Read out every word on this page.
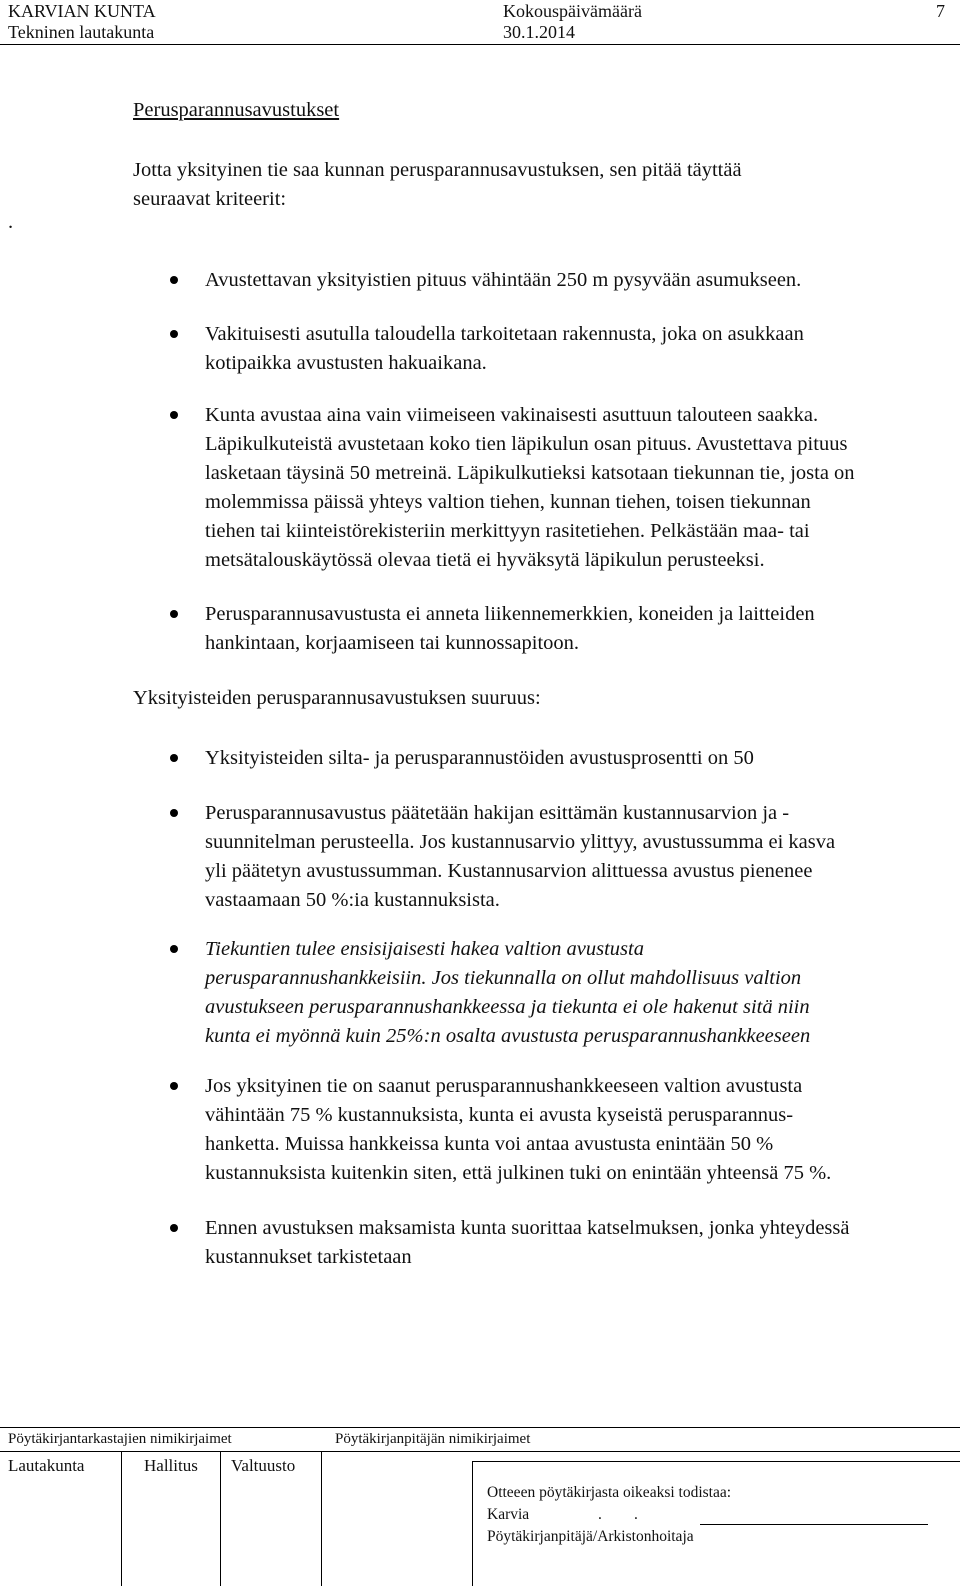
KARVIAN KUNTA
Tekninen lautakunta
Kokouspäivämäärä
30.1.2014
7
Perusparannusavustukset
Jotta yksityinen tie saa kunnan perusparannusavustuksen, sen pitää täyttää
seuraavat kriteerit:
.
Avustettavan yksityistien pituus vähintään 250 m pysyvään asumukseen.
Vakituisesti asutulla taloudella tarkoitetaan rakennusta, joka on asukkaan
kotipaikka avustusten hakuaikana.
Kunta avustaa aina vain viimeiseen vakinaisesti asuttuun talouteen saakka.
Läpikulkuteistä avustetaan koko tien läpikulun osan pituus. Avustettava pituus
lasketaan täysinä 50 metreinä. Läpikulkutieksi katsotaan tiekunnan tie, josta on
molemmissa päissä yhteys valtion tiehen, kunnan tiehen, toisen tiekunnan
tiehen tai kiinteistörekisteriin merkittyyn rasitetiehen. Pelkästään maa- tai
metsätalouskäytössä olevaa tietä ei hyväksytä läpikulun perusteeksi.
Perusparannusavustusta ei anneta liikennemerkkien, koneiden ja laitteiden
hankintaan, korjaamiseen tai kunnossapitoon.
Yksityisteiden perusparannusavustuksen suuruus:
Yksityisteiden silta- ja perusparannustöiden avustusprosentti on 50
Perusparannusavustus päätetään hakijan esittämän kustannusarvion ja -
suunnitelman perusteella. Jos kustannusarvio ylittyy, avustussumma ei kasva
yli päätetyn avustussumman. Kustannusarvion alittuessa avustus pienenee
vastaamaan 50 %:ia kustannuksista.
Tiekuntien tulee ensisijaisesti hakea valtion avustusta
perusparannushankkeisiin. Jos tiekunnalla on ollut mahdollisuus valtion
avustukseen perusparannushankkeessa ja tiekunta ei ole hakenut sitä niin
kunta ei myönnä kuin 25%:n osalta avustusta perusparannushankkeeseen
Jos yksityinen tie on saanut perusparannushankkeeseen valtion avustusta
vähintään 75 % kustannuksista, kunta ei avusta kyseistä perusparannus-
hanketta. Muissa hankkeissa kunta voi antaa avustusta enintään 50 %
kustannuksista kuitenkin siten, että julkinen tuki on enintään yhteensä 75 %.
Ennen avustuksen maksamista kunta suorittaa katselmuksen, jonka yhteydessä
kustannukset tarkistetaan
Pöytäkirjantarkastajien nimikirjaimet	Pöytäkirjanpitäjän nimikirjaimet
Lautakunta	Hallitus Valtuusto
Otteeen pöytäkirjasta oikeaksi todistaa:
Karvia	. .
Pöytäkirjanpitäjä/Arkistonhoitaja
